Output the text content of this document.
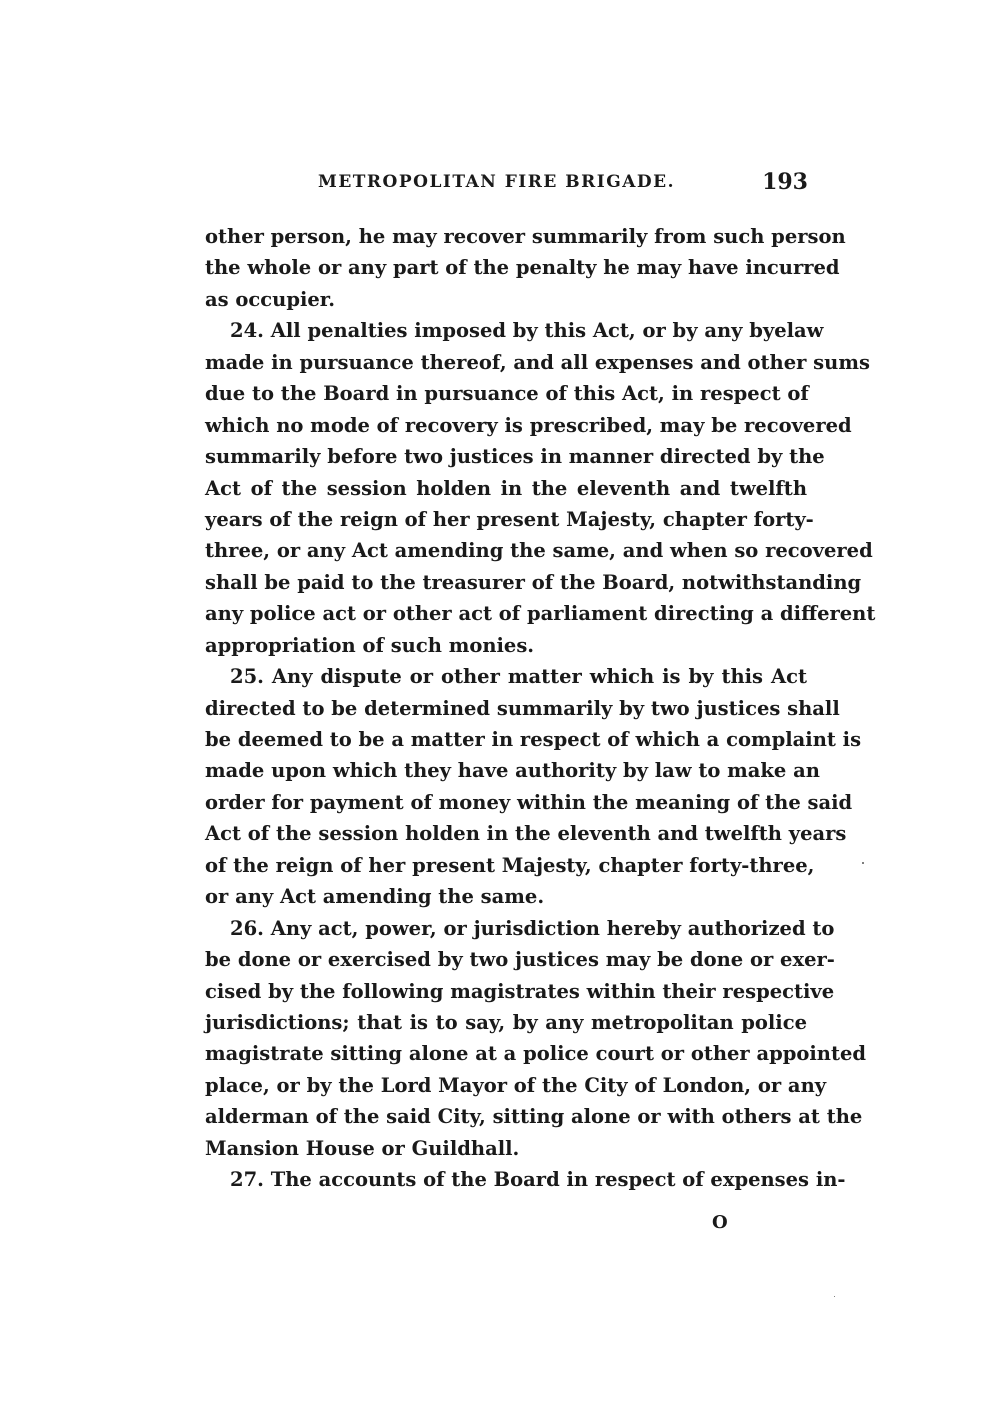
METROPOLITAN FIRE BRIGADE.	193
other person, he may recover summarily from such person
the whole or any part of the penalty he may have incurred
as occupier.
24. All penalties imposed by this Act, or by any byelaw
made in pursuance thereof, and all expenses and other sums
due to the Board in pursuance of this Act, in respect of
which no mode of recovery is prescribed, may be recovered
summarily before two justices in manner directed by the
Act of the session holden in the eleventh and twelfth
years of the reign of her present Majesty, chapter forty-
three, or any Act amending the same, and when so recovered
shall be paid to the treasurer of the Board, notwithstanding
any police act or other act of parliament directing a different
appropriation of such monies.
25. Any dispute or other matter which is by this Act
directed to be determined summarily by two justices shall
be deemed to be a matter in respect of which a complaint is
made upon which they have authority by law to make an
order for payment of money within the meaning of the said
Act of the session holden in the eleventh and twelfth years
of the reign of her present Majesty, chapter forty-three,
or any Act amending the same.
26. Any act, power, or jurisdiction hereby authorized to
be done or exercised by two justices may be done or exer-
cised by the following magistrates within their respective
jurisdictions; that is to say, by any metropolitan police
magistrate sitting alone at a police court or other appointed
place, or by the Lord Mayor of the City of London, or any
alderman of the said City, sitting alone or with others at the
Mansion House or Guildhall.
27. The accounts of the Board in respect of expenses in-
O
